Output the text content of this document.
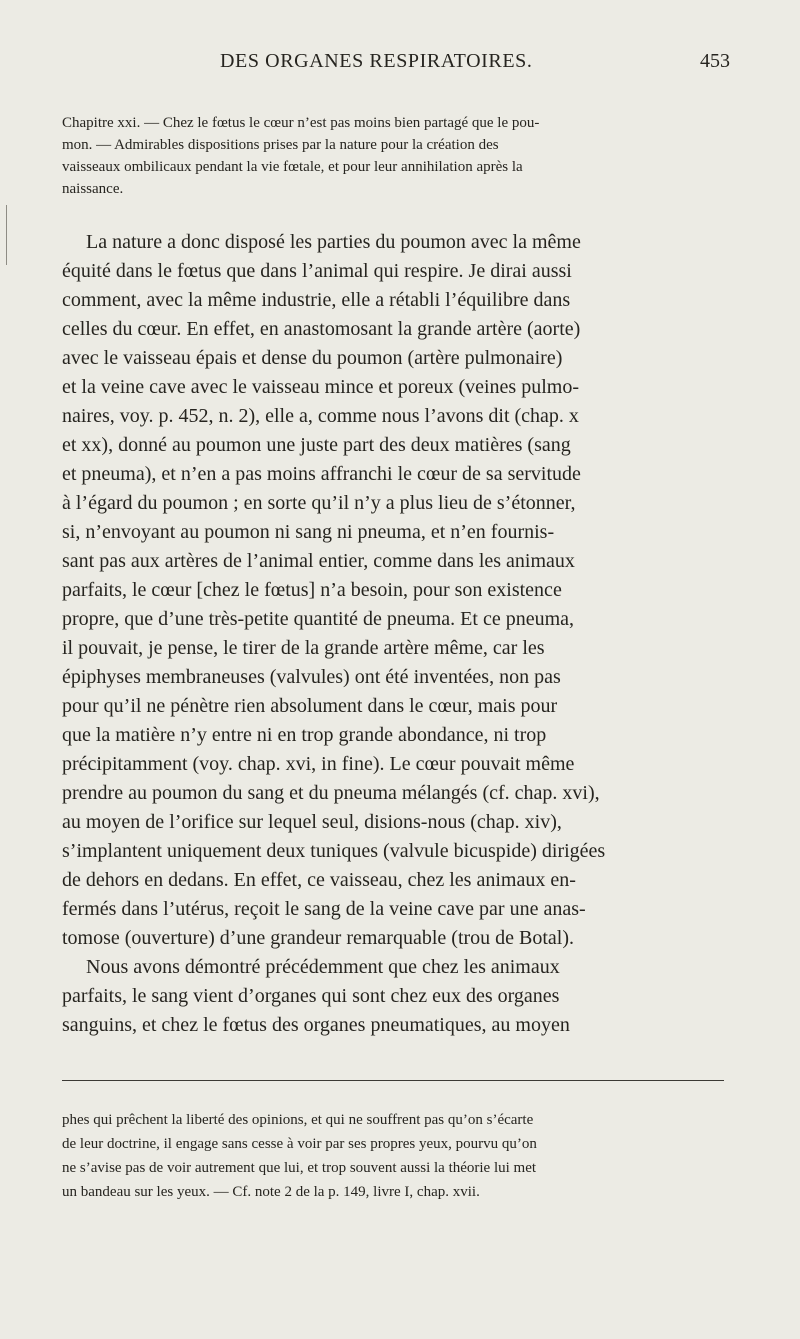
DES ORGANES RESPIRATOIRES.	453
Chapitre xxi. — Chez le fœtus le cœur n’est pas moins bien partagé que le pou-
mon. — Admirables dispositions prises par la nature pour la création des
vaisseaux ombilicaux pendant la vie fœtale, et pour leur annihilation après la
naissance.
La nature a donc disposé les parties du poumon avec la même
équité dans le fœtus que dans l’animal qui respire. Je dirai aussi
comment, avec la même industrie, elle a rétabli l’équilibre dans
celles du cœur. En effet, en anastomosant la grande artère (aorte)
avec le vaisseau épais et dense du poumon (artère pulmonaire)
et la veine cave avec le vaisseau mince et poreux (veines pulmo-
naires, voy. p. 452, n. 2), elle a, comme nous l’avons dit (chap. x
et xx), donné au poumon une juste part des deux matières (sang
et pneuma), et n’en a pas moins affranchi le cœur de sa servitude
à l’égard du poumon ; en sorte qu’il n’y a plus lieu de s’étonner,
si, n’envoyant au poumon ni sang ni pneuma, et n’en fournis-
sant pas aux artères de l’animal entier, comme dans les animaux
parfaits, le cœur [chez le fœtus] n’a besoin, pour son existence
propre, que d’une très-petite quantité de pneuma. Et ce pneuma,
il pouvait, je pense, le tirer de la grande artère même, car les
épiphyses membraneuses (valvules) ont été inventées, non pas
pour qu’il ne pénètre rien absolument dans le cœur, mais pour
que la matière n’y entre ni en trop grande abondance, ni trop
précipitamment (voy. chap. xvi, in fine). Le cœur pouvait même
prendre au poumon du sang et du pneuma mélangés (cf. chap. xvi),
au moyen de l’orifice sur lequel seul, disions-nous (chap. xiv),
s’implantent uniquement deux tuniques (valvule bicuspide) dirigées
de dehors en dedans. En effet, ce vaisseau, chez les animaux en-
fermés dans l’utérus, reçoit le sang de la veine cave par une anas-
tomose (ouverture) d’une grandeur remarquable (trou de Botal).
Nous avons démontré précédemment que chez les animaux
parfaits, le sang vient d’organes qui sont chez eux des organes
sanguins, et chez le fœtus des organes pneumatiques, au moyen
phes qui prêchent la liberté des opinions, et qui ne souffrent pas qu’on s’écarte
de leur doctrine, il engage sans cesse à voir par ses propres yeux, pourvu qu’on
ne s’avise pas de voir autrement que lui, et trop souvent aussi la théorie lui met
un bandeau sur les yeux. — Cf. note 2 de la p. 149, livre I, chap. xvii.
